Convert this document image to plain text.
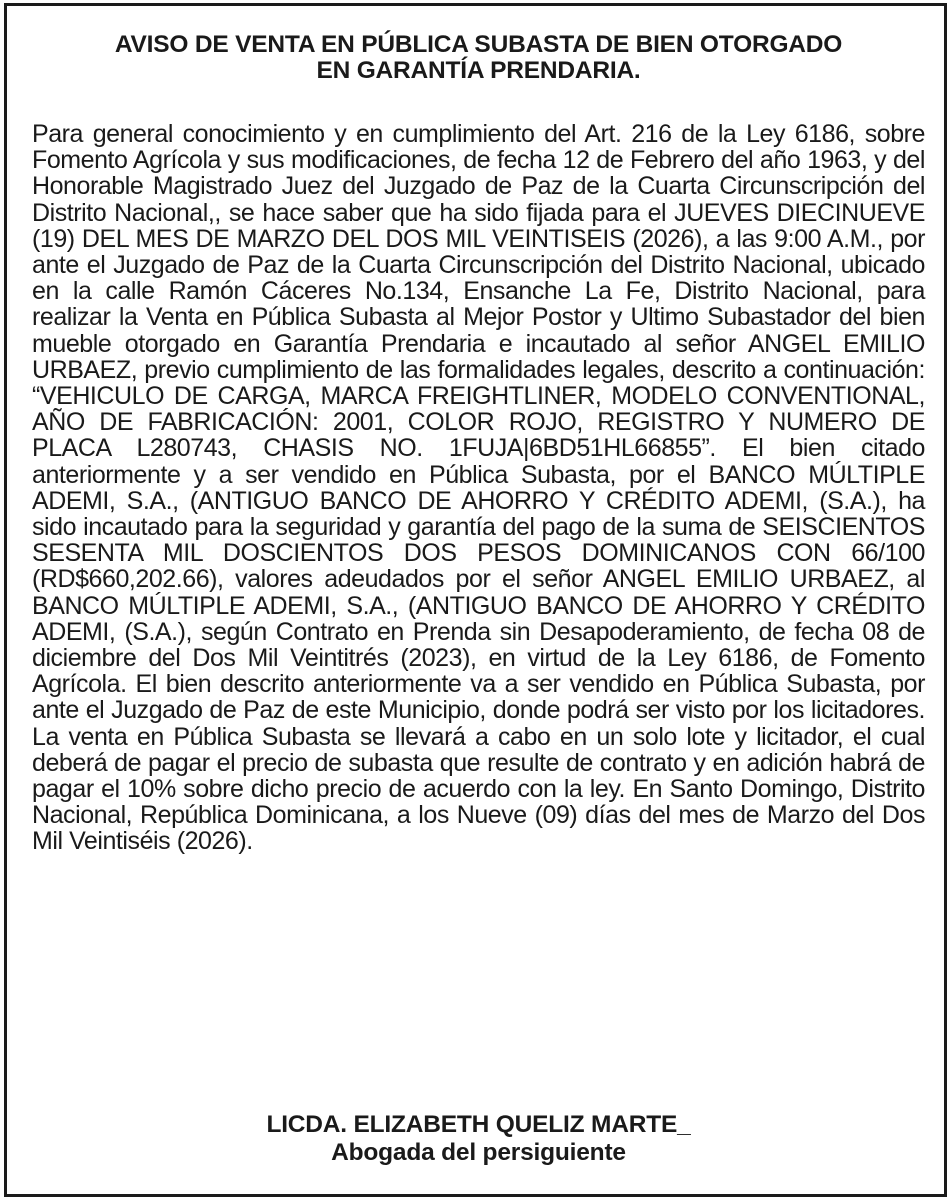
AVISO DE VENTA EN PÚBLICA SUBASTA DE BIEN OTORGADO
EN GARANTÍA PRENDARIA.

Para general conocimiento y en cumplimiento del Art. 216 de la Ley 6186, sobre Fomento Agrícola y sus modificaciones, de fecha 12 de Febrero del año 1963, y del Honorable Magistrado Juez del Juzgado de Paz de la Cuarta Circunscripción del Distrito Nacional,, se hace saber que ha sido fijada para el JUEVES DIECINUEVE (19) DEL MES DE MARZO DEL DOS MIL VEINTISEIS (2026), a las 9:00 A.M., por ante el Juzgado de Paz de la Cuarta Circunscripción del Distrito Nacional, ubicado en la calle Ramón Cáceres No.134, Ensanche La Fe, Distrito Nacional, para realizar la Venta en Pública Subasta al Mejor Postor y Ultimo Subastador del bien mueble otorgado en Garantía Prendaria e incautado al señor ANGEL EMILIO URBAEZ, previo cumplimiento de las formalidades legales, descrito a continuación: “VEHICULO DE CARGA, MARCA FREIGHTLINER, MODELO CONVENTIONAL, AÑO DE FABRICACIÓN: 2001, COLOR ROJO, REGISTRO Y NUMERO DE PLACA L280743, CHASIS NO. 1FUJA|6BD51HL66855”. El bien citado anteriormente y a ser vendido en Pública Subasta, por el BANCO MÚLTIPLE ADEMI, S.A., (ANTIGUO BANCO DE AHORRO Y CRÉDITO ADEMI, (S.A.), ha sido incautado para la seguridad y garantía del pago de la suma de SEISCIENTOS SESENTA MIL DOSCIENTOS DOS PESOS DOMINICANOS CON 66/100 (RD$660,202.66), valores adeudados por el señor ANGEL EMILIO URBAEZ, al BANCO MÚLTIPLE ADEMI, S.A., (ANTIGUO BANCO DE AHORRO Y CRÉDITO ADEMI, (S.A.), según Contrato en Prenda sin Desapoderamiento, de fecha 08 de diciembre del Dos Mil Veintitrés (2023), en virtud de la Ley 6186, de Fomento Agrícola. El bien descrito anteriormente va a ser vendido en Pública Subasta, por ante el Juzgado de Paz de este Municipio, donde podrá ser visto por los licitadores. La venta en Pública Subasta se llevará a cabo en un solo lote y licitador, el cual deberá de pagar el precio de subasta que resulte de contrato y en adición habrá de pagar el 10% sobre dicho precio de acuerdo con la ley. En Santo Domingo, Distrito Nacional, República Dominicana, a los Nueve (09) días del mes de Marzo del Dos Mil Veintiséis (2026).

LICDA. ELIZABETH QUELIZ MARTE_
Abogada del persiguiente
